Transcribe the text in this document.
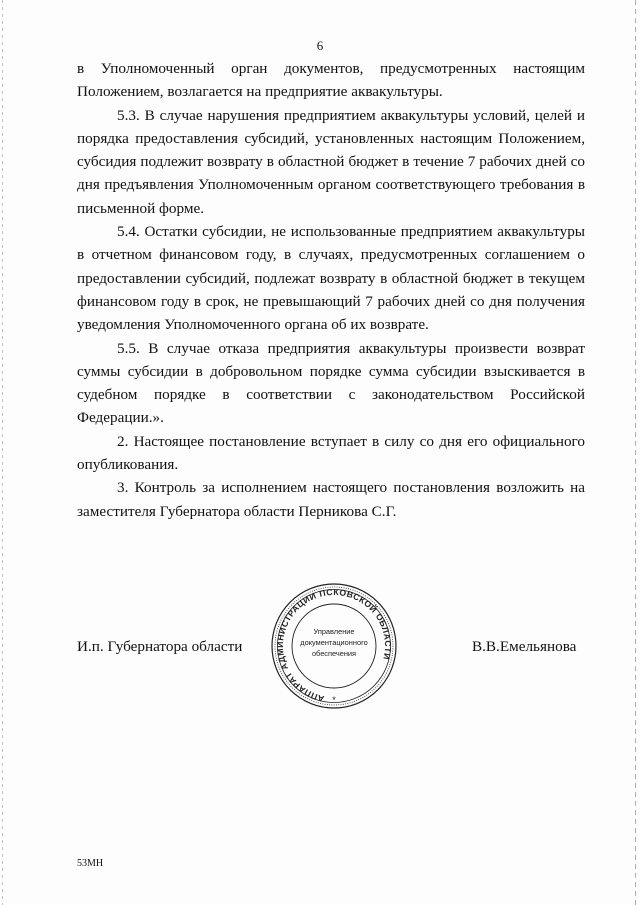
6

в Уполномоченный орган документов, предусмотренных настоящим Положением, возлагается на предприятие аквакультуры.

5.3. В случае нарушения предприятием аквакультуры условий, целей и порядка предоставления субсидий, установленных настоящим Положением, субсидия подлежит возврату в областной бюджет в течение 7 рабочих дней со дня предъявления Уполномоченным органом соответствующего требования в письменной форме.

5.4. Остатки субсидии, не использованные предприятием аквакультуры в отчетном финансовом году, в случаях, предусмотренных соглашением о предоставлении субсидий, подлежат возврату в областной бюджет в текущем финансовом году в срок, не превышающий 7 рабочих дней со дня получения уведомления Уполномоченного органа об их возврате.

5.5. В случае отказа предприятия аквакультуры произвести возврат суммы субсидии в добровольном порядке сумма субсидии взыскивается в судебном порядке в соответствии с законодательством Российской Федерации.».

2. Настоящее постановление вступает в силу со дня его официального опубликования.

3. Контроль за исполнением настоящего постановления возложить на заместителя Губернатора области Перникова С.Г.

И.п. Губернатора области	В.В.Емельянова
АППАРАТ АДМИНИСТРАЦИИ ПСКОВСКОЙ ОБЛАСТИ
Управление
документационного
обеспечения
*
53МН
